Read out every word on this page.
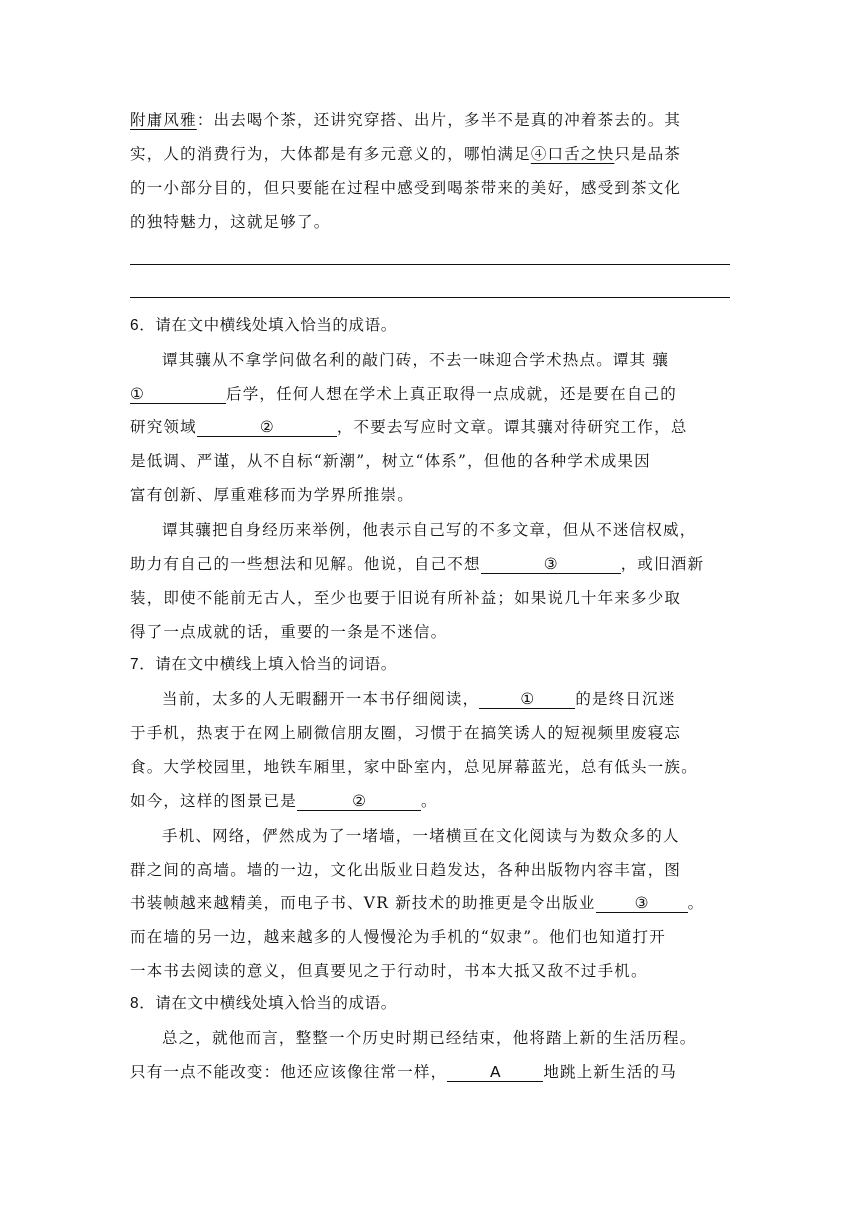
附庸风雅：出去喝个茶，还讲究穿搭、出片，多半不是真的冲着茶去的。其
实，人的消费行为，大体都是有多元意义的，哪怕满足④口舌之快只是品茶
的一小部分目的，但只要能在过程中感受到喝茶带来的美好，感受到茶文化
的独特魅力，这就足够了。
6．请在文中横线处填入恰当的成语。
谭其骧从不拿学问做名利的敲门砖，不去一味迎合学术热点。谭其 骧
①	后学，任何人想在学术上真正取得一点成就，还是要在自己的
研究领域	②	，不要去写应时文章。谭其骧对待研究工作，总
是低调、严谨，从不自标“新潮”，树立“体系”，但他的各种学术成果因
富有创新、厚重难移而为学界所推崇。
谭其骧把自身经历来举例，他表示自己写的不多文章，但从不迷信权威，
助力有自己的一些想法和见解。他说，自己不想	③	，或旧酒新
装，即使不能前无古人，至少也要于旧说有所补益；如果说几十年来多少取
得了一点成就的话，重要的一条是不迷信。
7．请在文中横线上填入恰当的词语。
当前，太多的人无暇翻开一本书仔细阅读，	①	的是终日沉迷
于手机，热衷于在网上刷微信朋友圈，习惯于在搞笑诱人的短视频里废寝忘
食。大学校园里，地铁车厢里，家中卧室内，总见屏幕蓝光，总有低头一族。
如今，这样的图景已是	②	。
手机、网络，俨然成为了一堵墙，一堵横亘在文化阅读与为数众多的人
群之间的高墙。墙的一边，文化出版业日趋发达，各种出版物内容丰富，图
书装帧越来越精美，而电子书、VR 新技术的助推更是令出版业	③	。
而在墙的另一边，越来越多的人慢慢沦为手机的“奴隶”。他们也知道打开
一本书去阅读的意义，但真要见之于行动时，书本大抵又敌不过手机。
8．请在文中横线处填入恰当的成语。
总之，就他而言，整整一个历史时期已经结束，他将踏上新的生活历程。
只有一点不能改变：他还应该像往常一样，	A	地跳上新生活的马
